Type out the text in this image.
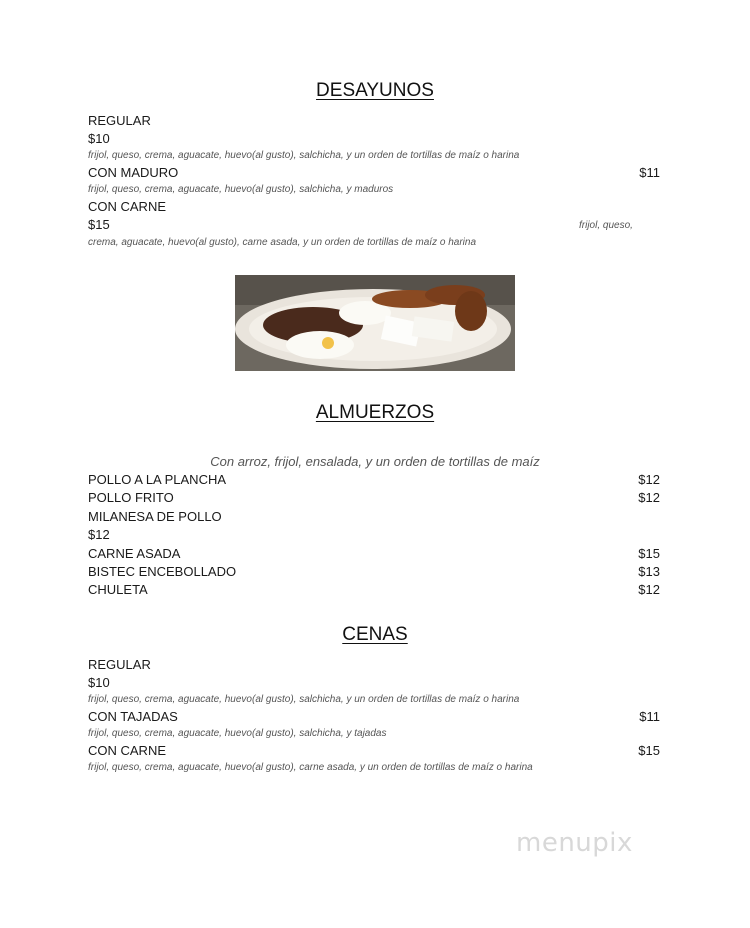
DESAYUNOS
REGULAR
$10
frijol, queso, crema, aguacate, huevo(al gusto), salchicha, y un orden de tortillas de maíz o harina
CON MADURO	$11
frijol, queso, crema, aguacate, huevo(al gusto), salchicha, y maduros
CON CARNE
$15	frijol, queso,
crema, aguacate, huevo(al gusto), carne asada, y un orden de tortillas de maíz o harina
ALMUERZOS
Con arroz, frijol, ensalada, y un orden de tortillas de maíz
POLLO A LA PLANCHA	$12
POLLO FRITO	$12
MILANESA DE POLLO
$12
CARNE ASADA	$15
BISTEC ENCEBOLLADO	$13
CHULETA	$12
CENAS
REGULAR
$10
frijol, queso, crema, aguacate, huevo(al gusto), salchicha, y un orden de tortillas de maíz o harina
CON TAJADAS	$11
frijol, queso, crema, aguacate, huevo(al gusto), salchicha, y tajadas
CON CARNE	$15
frijol, queso, crema, aguacate, huevo(al gusto), carne asada, y un orden de tortillas de maíz o harina
menupix
